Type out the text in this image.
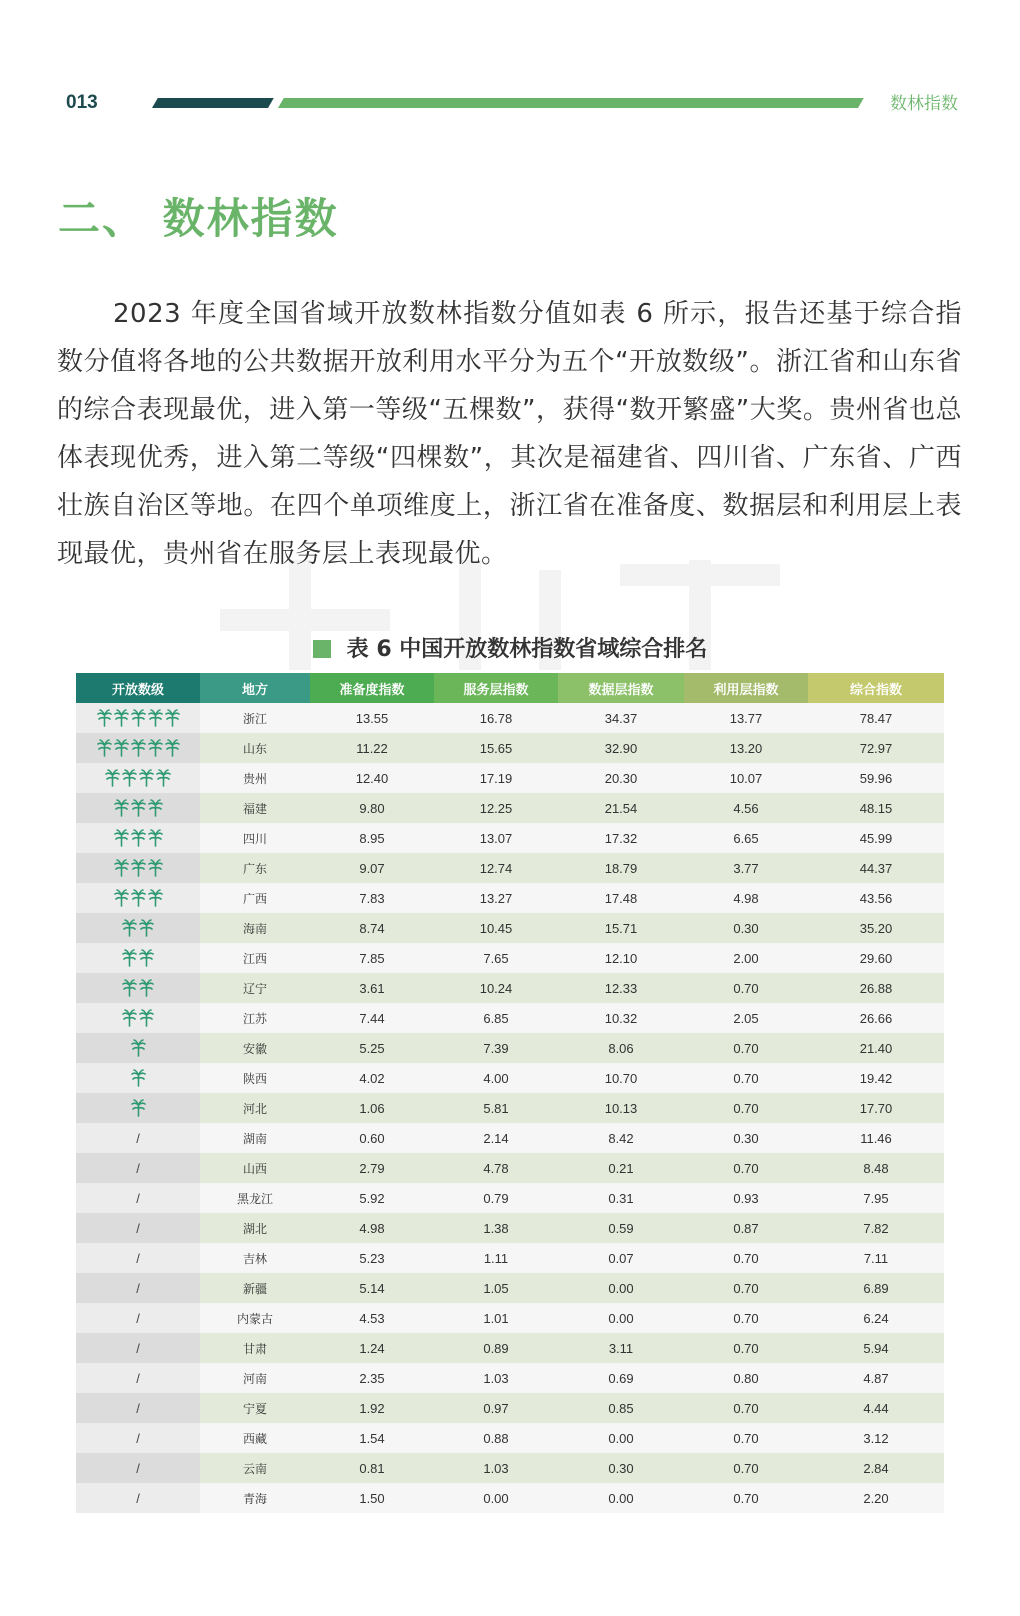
013	数林指数
二、 数林指数
2023 年度全国省域开放数林指数分值如表 6 所示，报告还基于综合指数分值将各地的公共数据开放利用水平分为五个“开放数级”。浙江省和山东省的综合表现最优，进入第一等级“五棵数”，获得“数开繁盛”大奖。贵州省也总体表现优秀，进入第二等级“四棵数”，其次是福建省、四川省、广东省、广西壮族自治区等地。在四个单项维度上，浙江省在准备度、数据层和利用层上表现最优，贵州省在服务层上表现最优。
表 6 中国开放数林指数省域综合排名
开放数级	地方	准备度指数	服务层指数	数据层指数	利用层指数	综合指数
	浙江	13.55	16.78	34.37	13.77	78.47
	山东	11.22	15.65	32.90	13.20	72.97
	贵州	12.40	17.19	20.30	10.07	59.96
	福建	9.80	12.25	21.54	4.56	48.15
	四川	8.95	13.07	17.32	6.65	45.99
	广东	9.07	12.74	18.79	3.77	44.37
	广西	7.83	13.27	17.48	4.98	43.56
	海南	8.74	10.45	15.71	0.30	35.20
	江西	7.85	7.65	12.10	2.00	29.60
	辽宁	3.61	10.24	12.33	0.70	26.88
	江苏	7.44	6.85	10.32	2.05	26.66
	安徽	5.25	7.39	8.06	0.70	21.40
	陕西	4.02	4.00	10.70	0.70	19.42
	河北	1.06	5.81	10.13	0.70	17.70
/	湖南	0.60	2.14	8.42	0.30	11.46
/	山西	2.79	4.78	0.21	0.70	8.48
/	黑龙江	5.92	0.79	0.31	0.93	7.95
/	湖北	4.98	1.38	0.59	0.87	7.82
/	吉林	5.23	1.11	0.07	0.70	7.11
/	新疆	5.14	1.05	0.00	0.70	6.89
/	内蒙古	4.53	1.01	0.00	0.70	6.24
/	甘肃	1.24	0.89	3.11	0.70	5.94
/	河南	2.35	1.03	0.69	0.80	4.87
/	宁夏	1.92	0.97	0.85	0.70	4.44
/	西藏	1.54	0.88	0.00	0.70	3.12
/	云南	0.81	1.03	0.30	0.70	2.84
/	青海	1.50	0.00	0.00	0.70	2.20
